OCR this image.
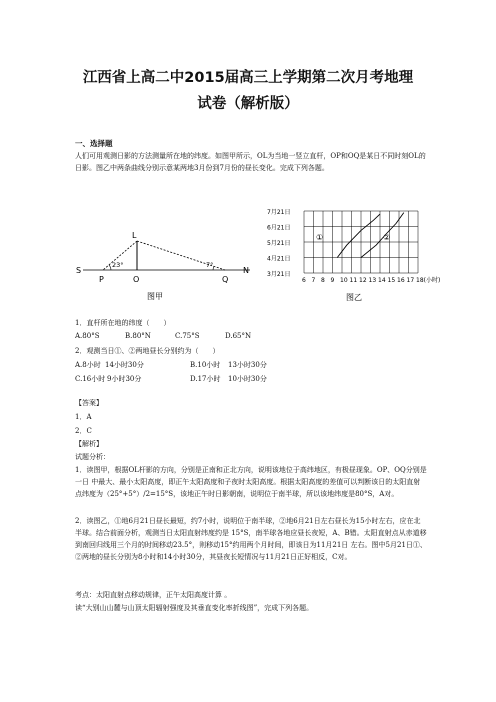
江西省上高二中2015届高三上学期第二次月考地理
试卷（解析版）
一、选择题
人们可用观测日影的方法测量所在地的纬度。如图甲所示，OL为当地一竖立直杆，OP和OQ是某日不同时刻OL的日影。图乙中两条曲线分别示意某两地3月份到7月份的昼长变化。完成下列各题。
L
S	N
P	O	Q
23°	7°
图甲
7月21日
6月21日
5月21日
4月21日
3月21日
6 7 8 9 10 11 12 13 14 15 16 17 18(小时)
①	②
图乙
1．直杆所在地的纬度（　　）
A.80°S	B.80°N	C.75°S	D.65°N
2．观测当日①、②两地昼长分别约为（　　）
A.8小时 14小时30分	B.10小时 13小时30分
C.16小时 9小时30分	D.17小时 10小时30分
【答案】
1．A
2．C
【解析】
试题分析：
1．读图甲，根据OL杆影的方向，分别是正南和正北方向，说明该地位于高纬地区，有极昼现象。OP、OQ分别是一日 中最大、最小太阳高度，即正午太阳高度和子夜时太阳高度。根据太阳高度的差值可以判断该日的太阳直射点纬度为（25°+5°）/2=15°S，该地正午时日影朝南，说明位于南半球，所以该地纬度是80°S，A对。
2．读图乙，①地6月21日昼长最短，约7小时，说明位于南半球，②地6月21日左右昼长为15小时左右，应在北半球。结合前面分析，观测当日太阳直射纬度约是 15°S，南半球各地应昼长夜短，A、B错。太阳直射点从赤道移到南回归线用三个月的时间移动23.5°，则移动15°约用两个月时间，即该日为11月21日 左右。图中5月21日①、②两地的昼长分别为8小时和14小时30分，其昼夜长短情况与11月21日正好相反，C对。
考点：太阳直射点移动规律，正午太阳高度计算 。
读“大别山山麓与山顶太阳辐射强度及其垂直变化率折线图”，完成下列各题。
